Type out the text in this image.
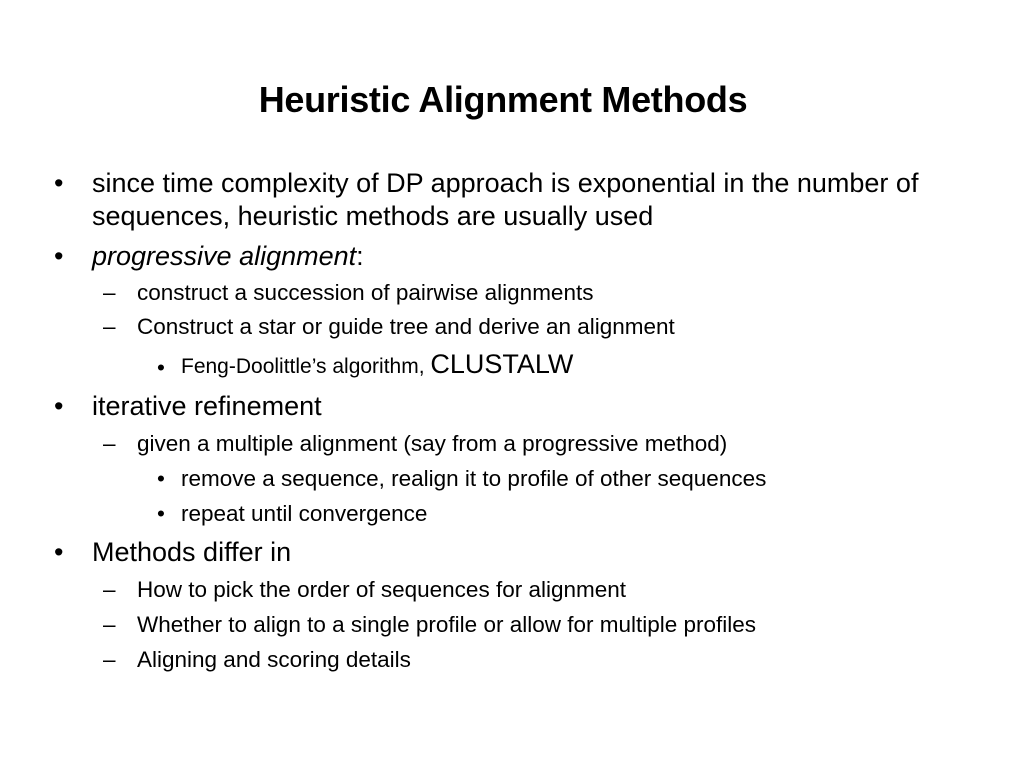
Heuristic Alignment Methods
• since time complexity of DP approach is exponential in the number of sequences, heuristic methods are usually used
• progressive alignment:
– construct a succession of pairwise alignments
– Construct a star or guide tree and derive an alignment
• Feng-Doolittle’s algorithm, CLUSTALW
• iterative refinement
– given a multiple alignment (say from a progressive method)
• remove a sequence, realign it to profile of other sequences
• repeat until convergence
• Methods differ in
– How to pick the order of sequences for alignment
– Whether to align to a single profile or allow for multiple profiles
– Aligning and scoring details
